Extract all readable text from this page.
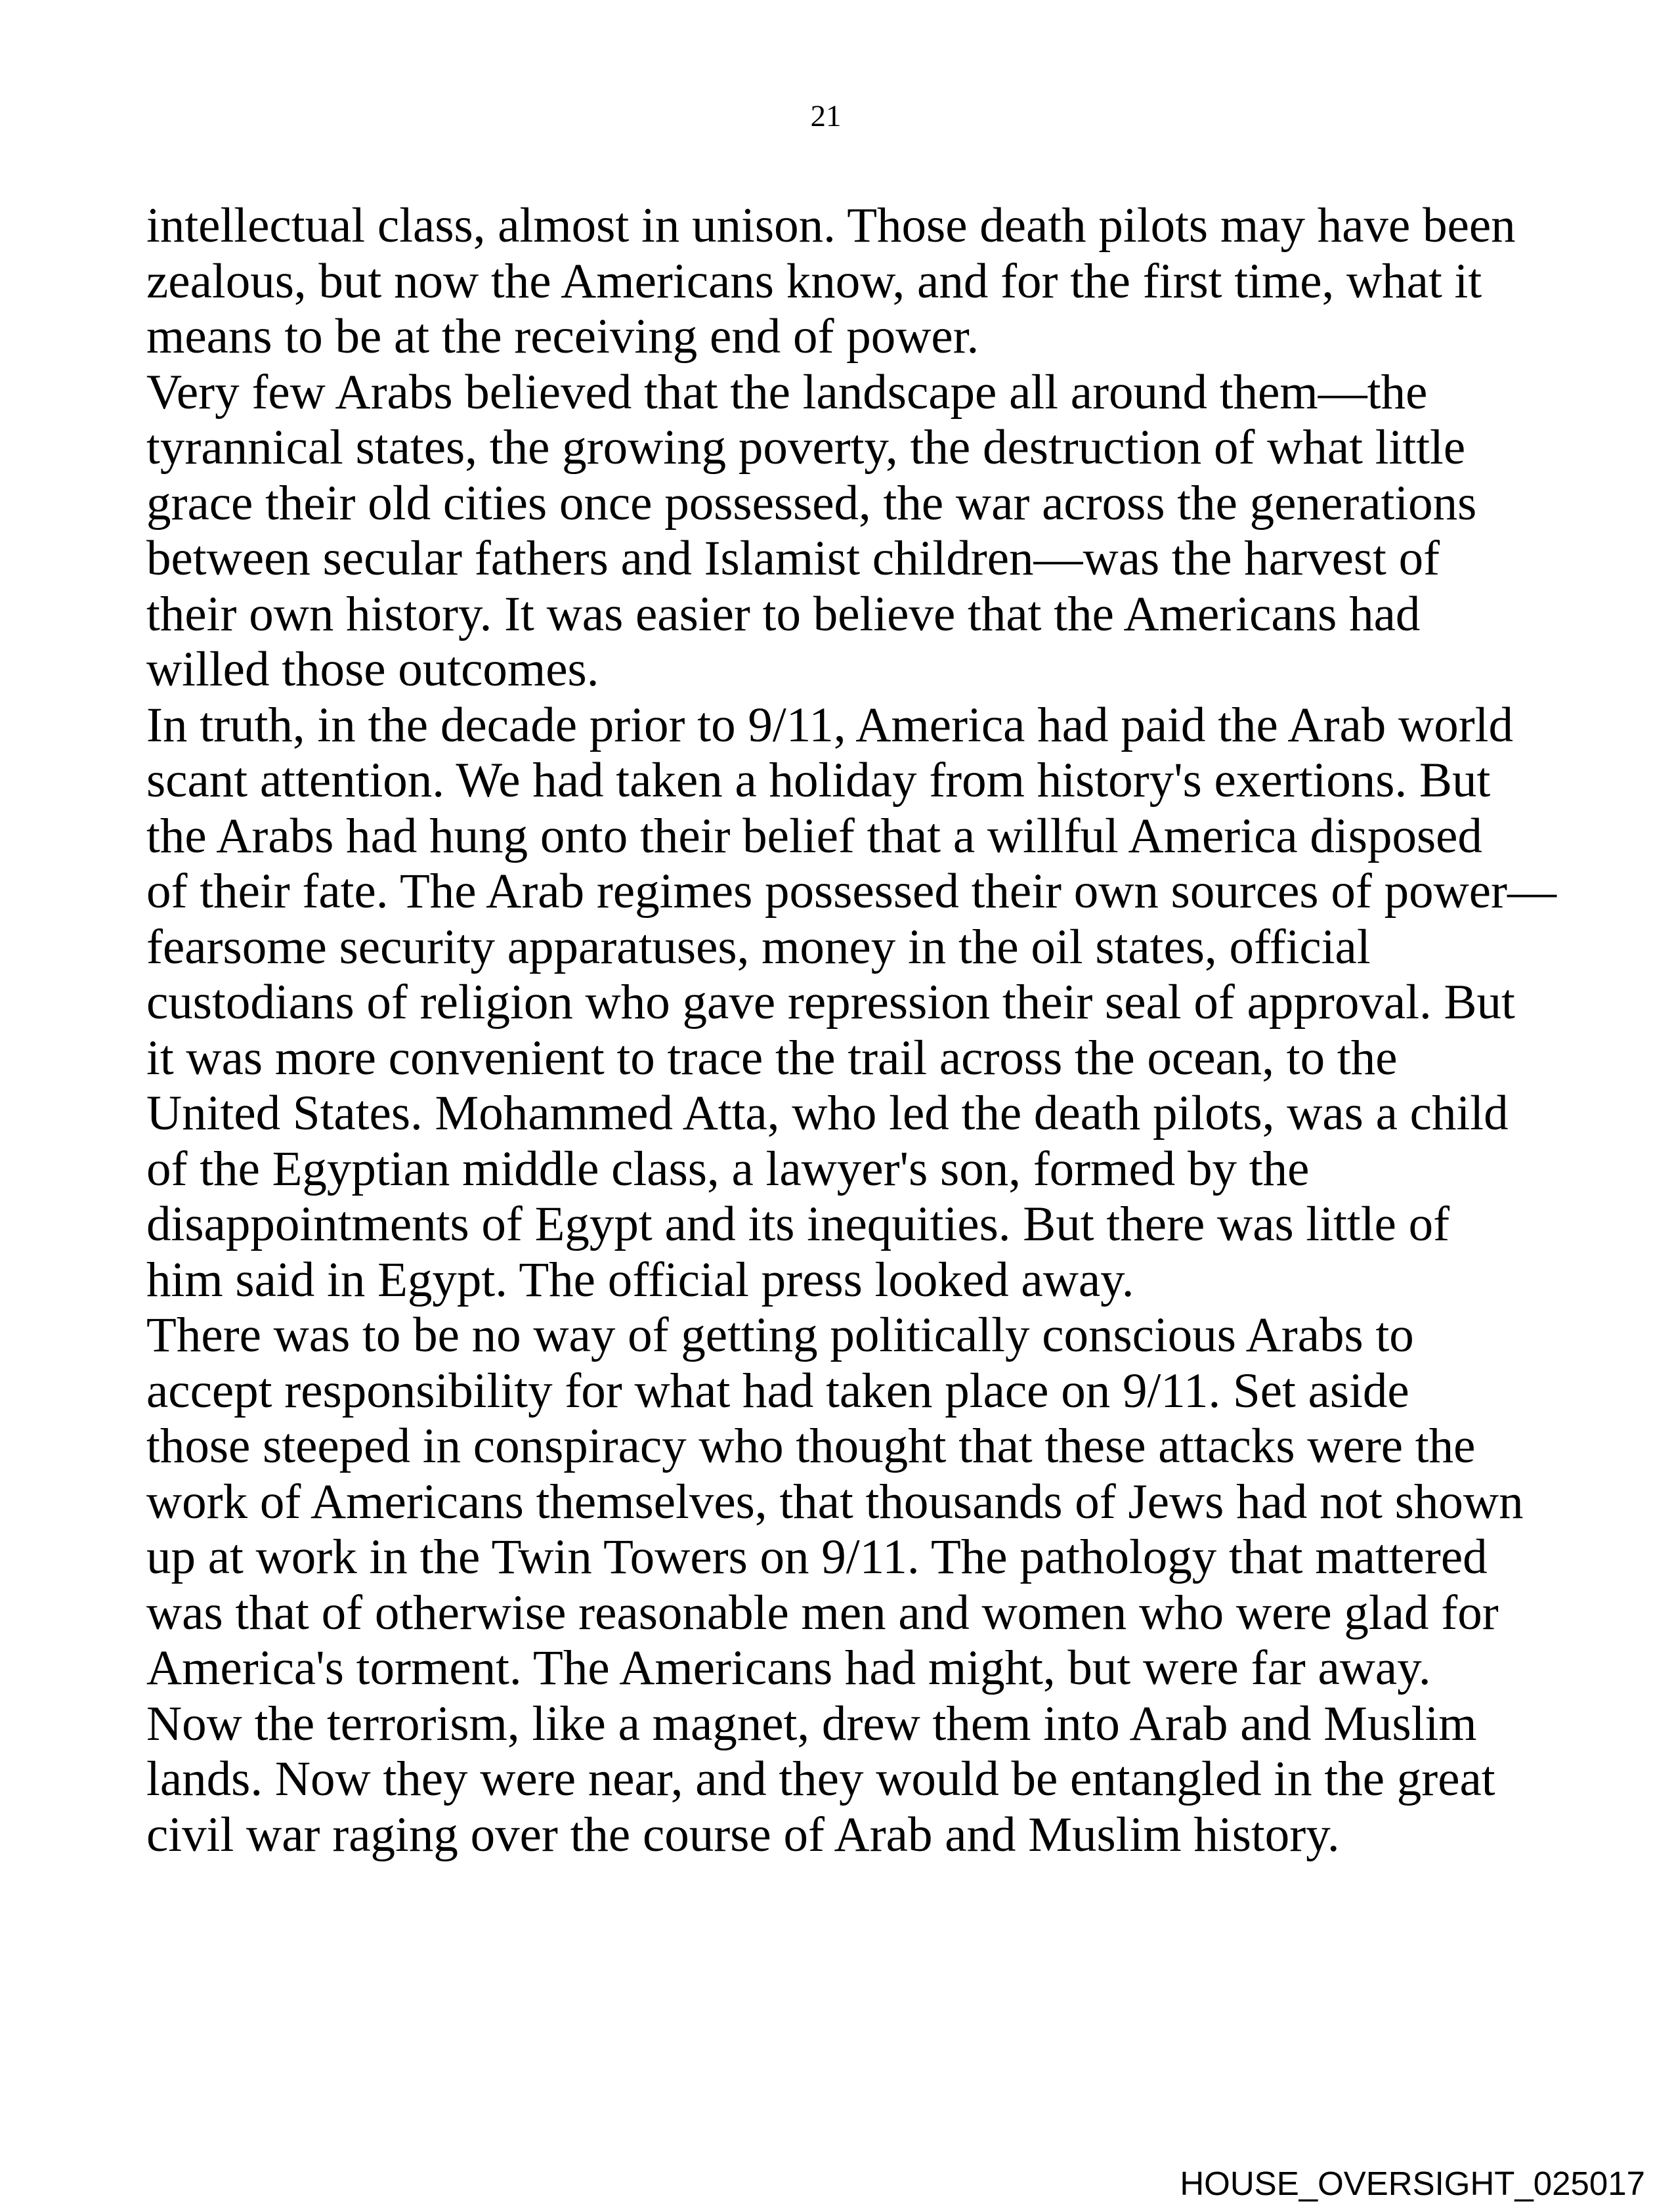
21
intellectual class, almost in unison. Those death pilots may have been
zealous, but now the Americans know, and for the first time, what it
means to be at the receiving end of power.
Very few Arabs believed that the landscape all around them—the
tyrannical states, the growing poverty, the destruction of what little
grace their old cities once possessed, the war across the generations
between secular fathers and Islamist children—was the harvest of
their own history. It was easier to believe that the Americans had
willed those outcomes.
In truth, in the decade prior to 9/11, America had paid the Arab world
scant attention. We had taken a holiday from history's exertions. But
the Arabs had hung onto their belief that a willful America disposed
of their fate. The Arab regimes possessed their own sources of power—
fearsome security apparatuses, money in the oil states, official
custodians of religion who gave repression their seal of approval. But
it was more convenient to trace the trail across the ocean, to the
United States. Mohammed Atta, who led the death pilots, was a child
of the Egyptian middle class, a lawyer's son, formed by the
disappointments of Egypt and its inequities. But there was little of
him said in Egypt. The official press looked away.
There was to be no way of getting politically conscious Arabs to
accept responsibility for what had taken place on 9/11. Set aside
those steeped in conspiracy who thought that these attacks were the
work of Americans themselves, that thousands of Jews had not shown
up at work in the Twin Towers on 9/11. The pathology that mattered
was that of otherwise reasonable men and women who were glad for
America's torment. The Americans had might, but were far away.
Now the terrorism, like a magnet, drew them into Arab and Muslim
lands. Now they were near, and they would be entangled in the great
civil war raging over the course of Arab and Muslim history.
HOUSE_OVERSIGHT_025017
